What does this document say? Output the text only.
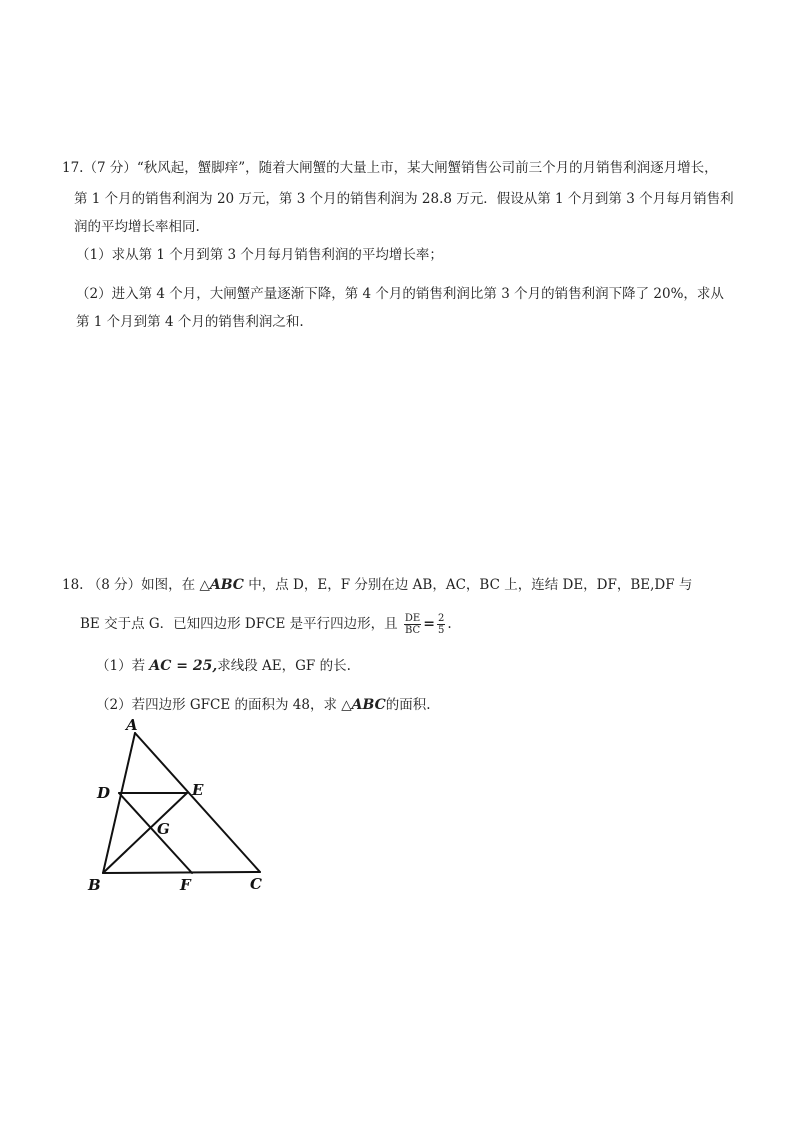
17.（7 分）“秋风起，蟹脚痒”，随着大闸蟹的大量上市，某大闸蟹销售公司前三个月的月销售利润逐月增长，
第 1 个月的销售利润为 20 万元，第 3 个月的销售利润为 28.8 万元．假设从第 1 个月到第 3 个月每月销售利
润的平均增长率相同.
（1）求从第 1 个月到第 3 个月每月销售利润的平均增长率；
（2）进入第 4 个月，大闸蟹产量逐渐下降，第 4 个月的销售利润比第 3 个月的销售利润下降了 20%，求从
第 1 个月到第 4 个月的销售利润之和.
18. （8 分）如图，在 △ABC 中，点 D，E，F 分别在边 AB，AC，BC 上，连结 DE，DF，BE,DF 与
BE 交于点 G．已知四边形 DFCE 是平行四边形，且 $\frac{DE}{BC} = \frac{2}{5}$ .
（1）若 AC = 25,求线段 AE，GF 的长.
（2）若四边形 GFCE 的面积为 48，求 △ABC的面积.
A
D	E
G
B	F	C
